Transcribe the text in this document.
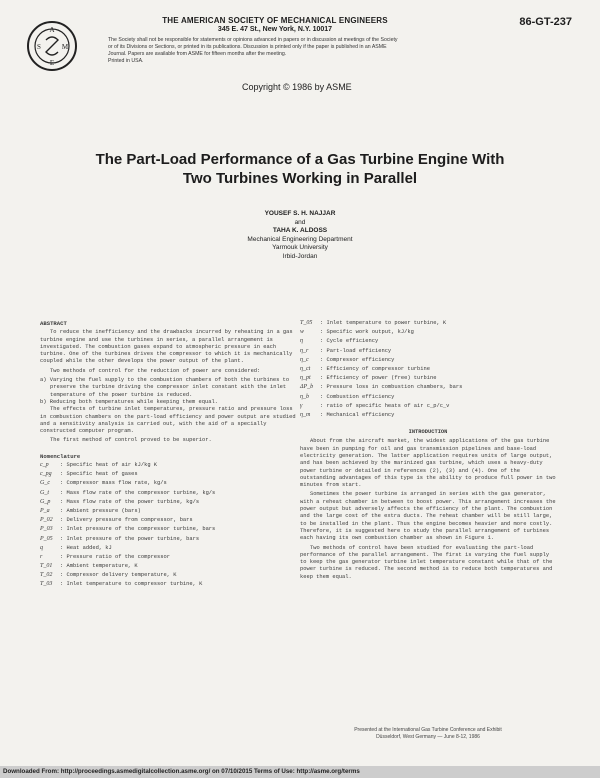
A
S	M
E
THE AMERICAN SOCIETY OF MECHANICAL ENGINEERS
345 E. 47 St., New York, N.Y. 10017
86-GT-237
The Society shall not be responsible for statements or opinions advanced in papers or in discussion at meetings of the Society or of its Divisions or Sections, or printed in its publications. Discussion is printed only if the paper is published in an ASME Journal. Papers are available from ASME for fifteen months after the meeting.
Printed in USA.
Copyright © 1986 by ASME
The Part-Load Performance of a Gas Turbine Engine With
Two Turbines Working in Parallel
YOUSEF S. H. NAJJAR
and
TAHA K. ALDOSS
Mechanical Engineering Department
Yarmouk University
Irbid-Jordan
ABSTRACT

To reduce the inefficiency and the drawbacks incurred by reheating in a gas turbine engine and use the turbines in series, a parallel arrangement is investigated. The combustion gases expand to atmospheric pressure in each turbine. One of the turbines drives the compressor to which it is mechanically coupled while the other develops the power output of the plant.

Two methods of control for the reduction of power are considered:

a) Varying the fuel supply to the combustion chambers of both the turbines to preserve the turbine driving the compressor inlet constant with the inlet temperature of the power turbine is reduced.

b) Reducing both temperatures while keeping them equal.

The effects of turbine inlet temperatures, pressure ratio and pressure loss in combustion chambers on the part-load efficiency and power output are studied and a sensitivity analysis is carried out, with the aid of a specially constructed computer program.

The first method of control proved to be superior.

Nomenclature
c_p	: Specific heat of air kJ/kg K
c_pg	: Specific heat of gases
G_c	: Compressor mass flow rate, kg/s
G_t	: Mass flow rate of the compressor turbine, kg/s
G_p	: Mass flow rate of the power turbine, kg/s
P_a	: Ambient pressure (bars)
P_02	: Delivery pressure from compressor, bars
P_03	: Inlet pressure of the compressor turbine, bars
P_05	: Inlet pressure of the power turbine, bars
q	: Heat added, kJ
r	: Pressure ratio of the compressor
T_01	: Ambient temperature, K
T_02	: Compressor delivery temperature, K
T_03	: Inlet temperature to compressor turbine, K
T_05	: Inlet temperature to power turbine, K
w	: Specific work output, kJ/kg
η	: Cycle efficiency
η_r	: Part-load efficiency
η_c	: Compressor efficiency
η_ct	: Efficiency of compressor turbine
η_pt	: Efficiency of power (free) turbine
ΔP_b	: Pressure loss in combustion chambers, bars
η_b	: Combustion efficiency
γ	: ratio of specific heats of air c_p/c_v
η_m	: Mechanical efficiency
INTRODUCTION

About from the aircraft market, the widest applications of the gas turbine have been in pumping for oil and gas transmission pipelines and base-load electricity generation. The latter application requires units of large output, and has been achieved by the marinized gas turbine, which uses a heavy-duty power turbine or detailed in references (2), (3) and (4). One of the outstanding advantages of this type is the ability to produce full power in two minutes from start.

Sometimes the power turbine is arranged in series with the gas generator, with a reheat chamber in between to boost power. This arrangement increases the power output but adversely affects the efficiency of the plant. The combustion and the large cost of the extra ducts. The reheat chamber will be still large, to be installed in the plant. Thus the engine becomes heavier and more costly. Therefore, it is suggested here to study the parallel arrangement of turbines each having its own combustion chamber as shown in Figure 1.

Two methods of control have been studied for evaluating the part-load performance of the parallel arrangement. The first is varying the fuel supply to keep the gas generator turbine inlet temperature constant while that of the power turbine is reduced. The second method is to reduce both temperatures and keep them equal.

Presented at the International Gas Turbine Conference and Exhibit
Düsseldorf, West Germany — June 8-12, 1986
Downloaded From: http://proceedings.asmedigitalcollection.asme.org/ on 07/10/2015 Terms of Use: http://asme.org/terms
